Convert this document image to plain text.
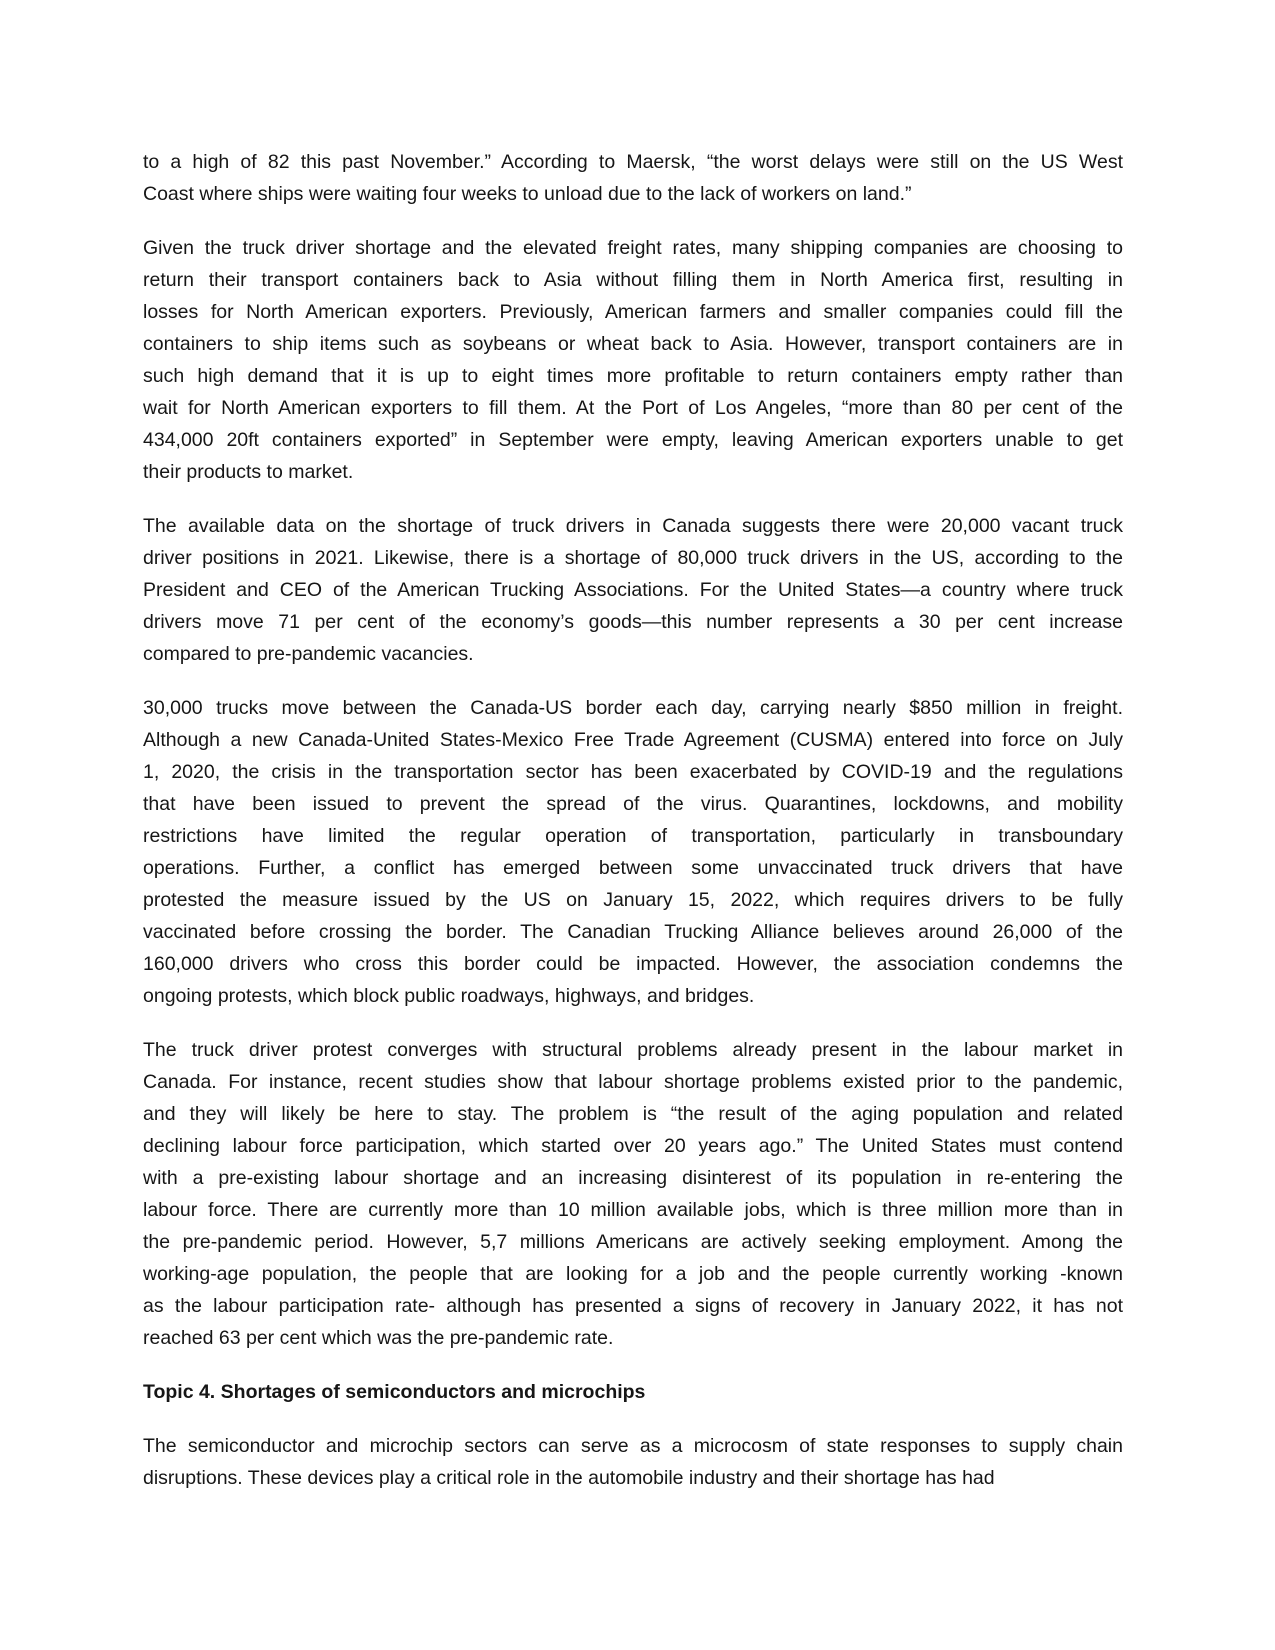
to a high of 82 this past November.” According to Maersk, “the worst delays were still on the US West
Coast where ships were waiting four weeks to unload due to the lack of workers on land.”
Given the truck driver shortage and the elevated freight rates, many shipping companies are choosing to
return their transport containers back to Asia without filling them in North America first, resulting in
losses for North American exporters. Previously, American farmers and smaller companies could fill the
containers to ship items such as soybeans or wheat back to Asia. However, transport containers are in
such high demand that it is up to eight times more profitable to return containers empty rather than
wait for North American exporters to fill them. At the Port of Los Angeles, “more than 80 per cent of the
434,000 20ft containers exported” in September were empty, leaving American exporters unable to get
their products to market.
The available data on the shortage of truck drivers in Canada suggests there were 20,000 vacant truck
driver positions in 2021. Likewise, there is a shortage of 80,000 truck drivers in the US, according to the
President and CEO of the American Trucking Associations. For the United States—a country where truck
drivers move 71 per cent of the economy’s goods—this number represents a 30 per cent increase
compared to pre-pandemic vacancies.
30,000 trucks move between the Canada-US border each day, carrying nearly $850 million in freight.
Although a new Canada-United States-Mexico Free Trade Agreement (CUSMA) entered into force on July
1, 2020, the crisis in the transportation sector has been exacerbated by COVID-19 and the regulations
that have been issued to prevent the spread of the virus. Quarantines, lockdowns, and mobility
restrictions have limited the regular operation of transportation, particularly in transboundary
operations. Further, a conflict has emerged between some unvaccinated truck drivers that have
protested the measure issued by the US on January 15, 2022, which requires drivers to be fully
vaccinated before crossing the border. The Canadian Trucking Alliance believes around 26,000 of the
160,000 drivers who cross this border could be impacted. However, the association condemns the
ongoing protests, which block public roadways, highways, and bridges.
The truck driver protest converges with structural problems already present in the labour market in
Canada. For instance, recent studies show that labour shortage problems existed prior to the pandemic,
and they will likely be here to stay. The problem is “the result of the aging population and related
declining labour force participation, which started over 20 years ago.” The United States must contend
with a pre-existing labour shortage and an increasing disinterest of its population in re-entering the
labour force. There are currently more than 10 million available jobs, which is three million more than in
the pre-pandemic period. However, 5,7 millions Americans are actively seeking employment. Among the
working-age population, the people that are looking for a job and the people currently working -known
as the labour participation rate- although has presented a signs of recovery in January 2022, it has not
reached 63 per cent which was the pre-pandemic rate.
Topic 4. Shortages of semiconductors and microchips
The semiconductor and microchip sectors can serve as a microcosm of state responses to supply chain
disruptions. These devices play a critical role in the automobile industry and their shortage has had
